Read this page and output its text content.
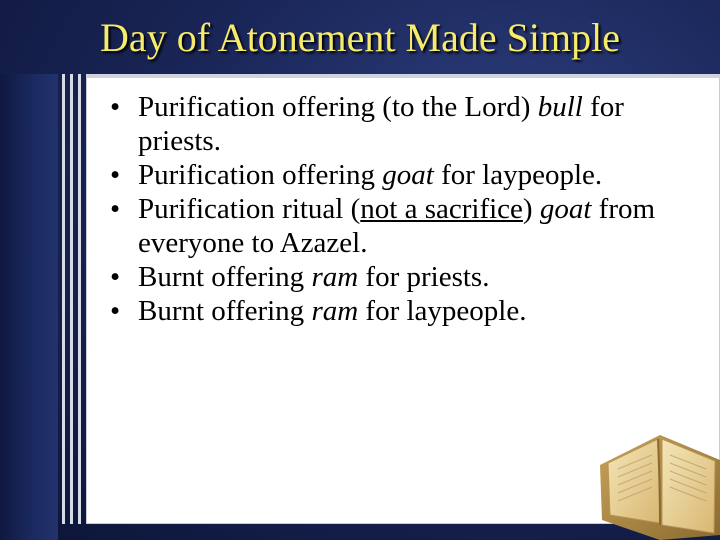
Day of Atonement Made Simple
• Purification offering (to the Lord) bull for priests.
• Purification offering goat for laypeople.
• Purification ritual (not a sacrifice) goat from everyone to Azazel.
• Burnt offering ram for priests.
• Burnt offering ram for laypeople.
